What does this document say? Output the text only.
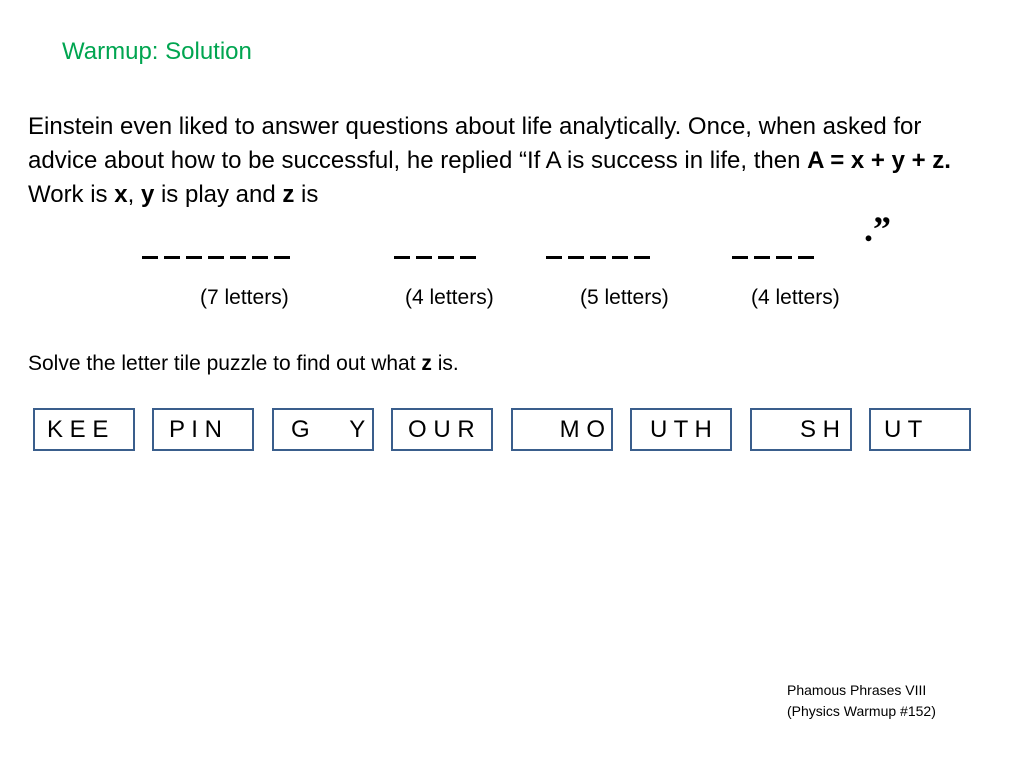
Warmup: Solution
Einstein even liked to answer questions about life analytically. Once, when asked for advice about how to be successful, he replied “If A is success in life, then A = x + y + z. Work is x, y is play and z is
.”
(7 letters)	(4 letters)	(5 letters)	(4 letters)
Solve the letter tile puzzle to find out what z is.
K E E	P I N	G      Y O U R	M O U T H	S H U T
Phamous Phrases VIII
(Physics Warmup #152)
